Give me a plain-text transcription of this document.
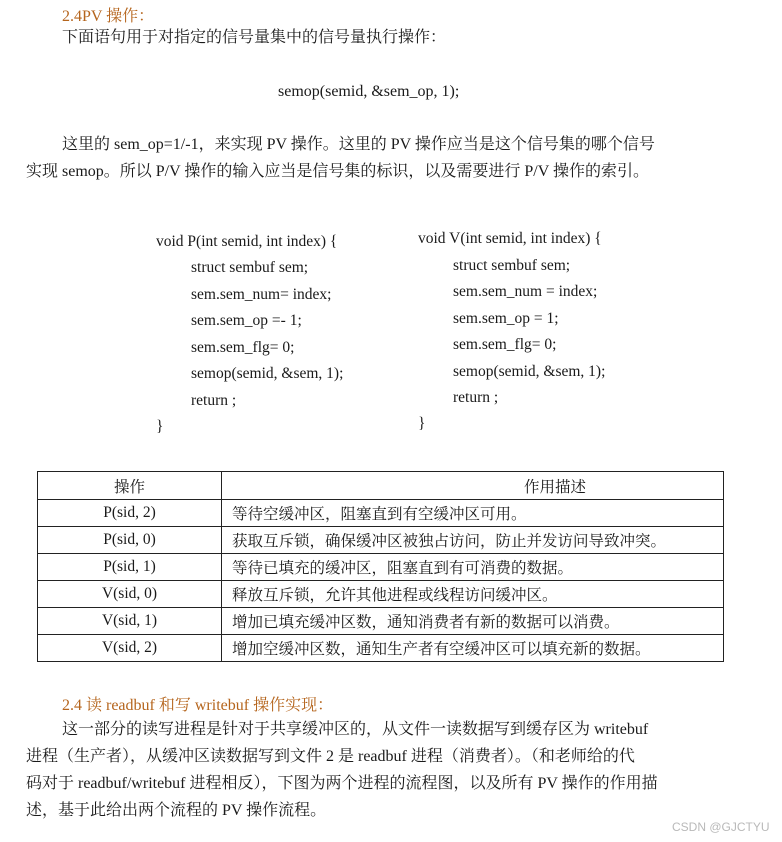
2.4PV 操作：
下面语句用于对指定的信号量集中的信号量执行操作：
semop(semid, &sem_op, 1);
这里的 sem_op=1/-1，来实现 PV 操作。这里的 PV 操作应当是这个信号集的哪个信号
实现 semop。所以 P/V 操作的输入应当是信号集的标识，以及需要进行 P/V 操作的索引。
void P(int semid, int index) {
struct sembuf sem;
sem.sem_num= index;
sem.sem_op =- 1;
sem.sem_flg= 0;
semop(semid, &sem, 1);
return ;
}
void V(int semid, int index) {
struct sembuf sem;
sem.sem_num = index;
sem.sem_op = 1;
sem.sem_flg= 0;
semop(semid, &sem, 1);
return ;
}
操作	作用描述
P(sid, 2)	等待空缓冲区，阻塞直到有空缓冲区可用。
P(sid, 0)	获取互斥锁，确保缓冲区被独占访问，防止并发访问导致冲突。
P(sid, 1)	等待已填充的缓冲区，阻塞直到有可消费的数据。
V(sid, 0)	释放互斥锁，允许其他进程或线程访问缓冲区。
V(sid, 1)	增加已填充缓冲区数，通知消费者有新的数据可以消费。
V(sid, 2)	增加空缓冲区数，通知生产者有空缓冲区可以填充新的数据。
2.4 读 readbuf 和写 writebuf 操作实现：
这一部分的读写进程是针对于共享缓冲区的，从文件一读数据写到缓存区为 writebuf
进程（生产者），从缓冲区读数据写到文件 2 是 readbuf 进程（消费者）。（和老师给的代
码对于 readbuf/writebuf 进程相反），下图为两个进程的流程图，以及所有 PV 操作的作用描
述，基于此给出两个流程的 PV 操作流程。
CSDN @GJCTYU
